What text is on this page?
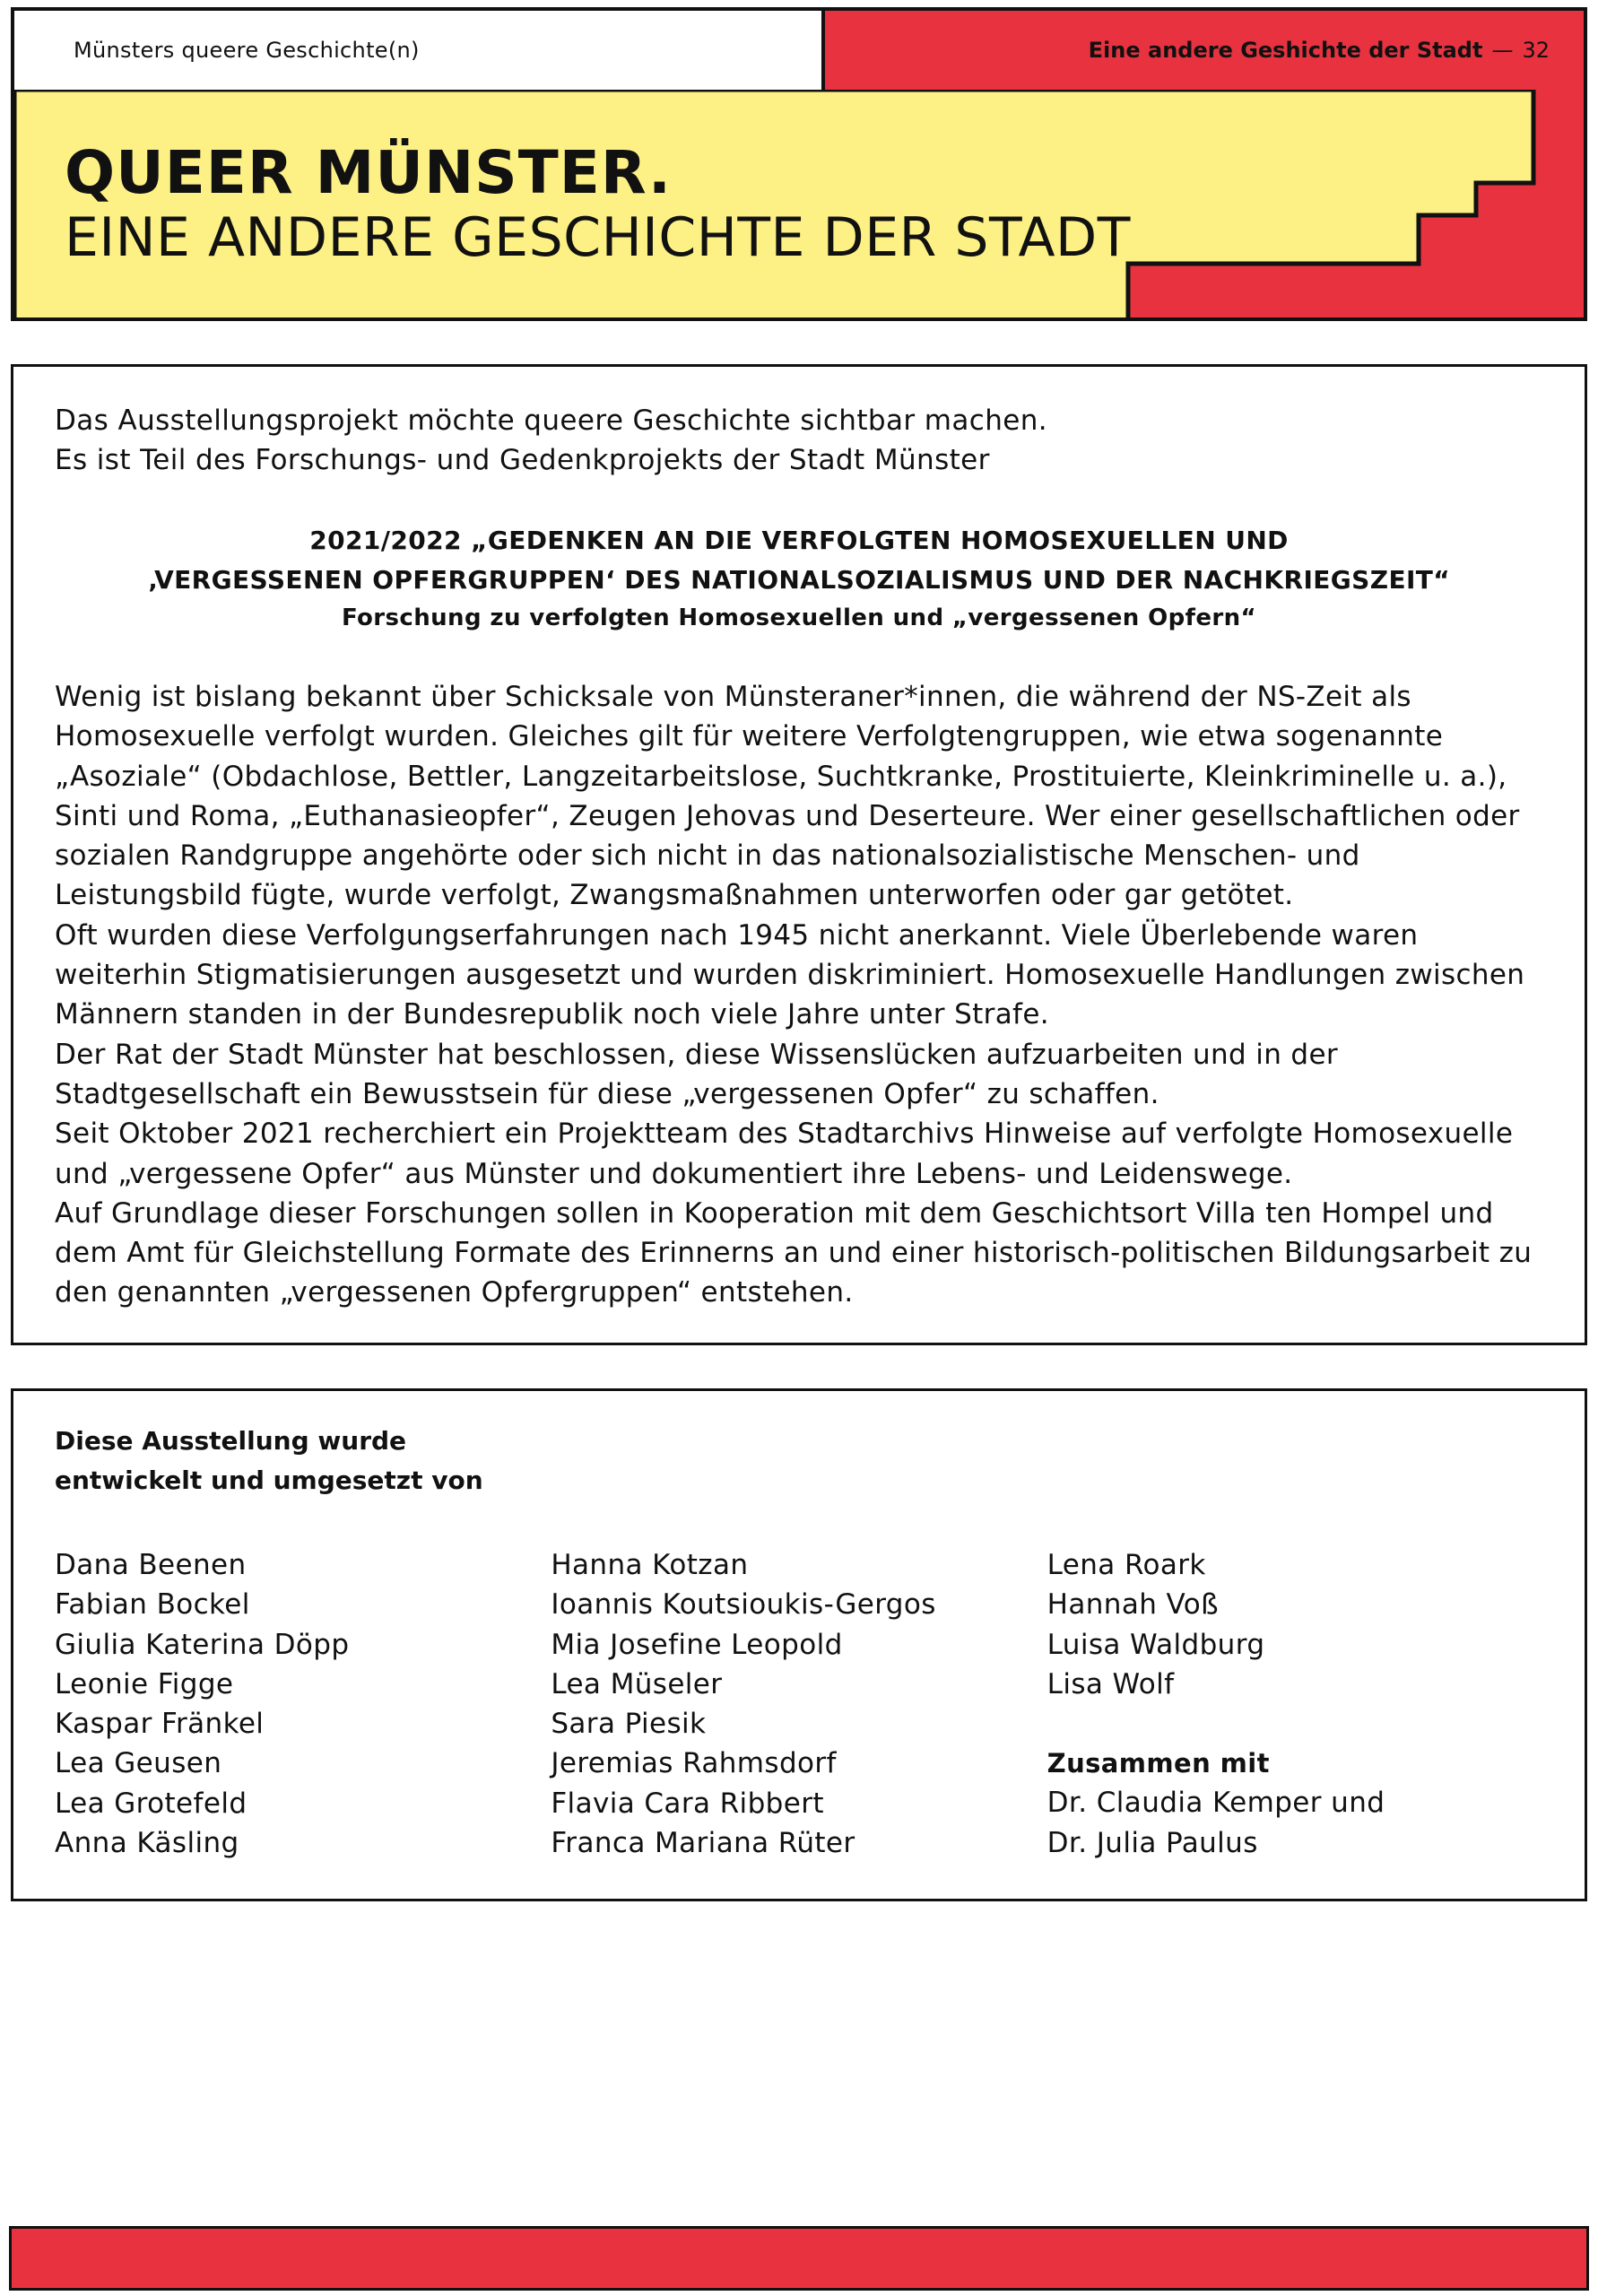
Münsters queere Geschichte(n)	Eine andere Geshichte der Stadt — 32
QUEER MÜNSTER.
EINE ANDERE GESCHICHTE DER STADT

Das Ausstellungsprojekt möchte queere Geschichte sichtbar machen.

Es ist Teil des Forschungs- und Gedenkprojekts der Stadt Münster

2021/2022 „GEDENKEN AN DIE VERFOLGTEN HOMOSEXUELLEN UND
‚VERGESSENEN OPFERGRUPPEN‘ DES NATIONALSOZIALISMUS UND DER NACHKRIEGSZEIT“
Forschung zu verfolgten Homosexuellen und „vergessenen Opfern“

Wenig ist bislang bekannt über Schicksale von Münsteraner*innen, die während der NS-Zeit als Homosexuelle verfolgt wurden. Gleiches gilt für weitere Verfolgtengruppen, wie etwa sogenannte „Asoziale“ (Obdachlose, Bettler, Langzeitarbeitslose, Suchtkranke, Prostituierte, Kleinkriminelle u. a.), Sinti und Roma, „Euthanasieopfer“, Zeugen Jehovas und Deserteure. Wer einer gesellschaftlichen oder sozialen Randgruppe angehörte oder sich nicht in das nationalsozialistische Menschen- und Leistungsbild fügte, wurde verfolgt, Zwangsmaßnahmen unterworfen oder gar getötet.

Oft wurden diese Verfolgungserfahrungen nach 1945 nicht anerkannt. Viele Überlebende waren weiterhin Stigmatisierungen ausgesetzt und wurden diskriminiert. Homosexuelle Handlungen zwischen Männern standen in der Bundesrepublik noch viele Jahre unter Strafe.

Der Rat der Stadt Münster hat beschlossen, diese Wissenslücken aufzuarbeiten und in der Stadtgesellschaft ein Bewusstsein für diese „vergessenen Opfer“ zu schaffen.

Seit Oktober 2021 recherchiert ein Projektteam des Stadtarchivs Hinweise auf verfolgte Homosexuelle und „vergessene Opfer“ aus Münster und dokumentiert ihre Lebens- und Leidenswege.

Auf Grundlage dieser Forschungen sollen in Kooperation mit dem Geschichtsort Villa ten Hompel und dem Amt für Gleichstellung Formate des Erinnerns an und einer historisch-politischen Bildungsarbeit zu den genannten „vergessenen Opfergruppen“ entstehen.

Diese Ausstellung wurde
entwickelt und umgesetzt von
Dana Beenen
Fabian Bockel
Giulia Katerina Döpp
Leonie Figge
Kaspar Fränkel
Lea Geusen
Lea Grotefeld
Anna Käsling
Hanna Kotzan
Ioannis Koutsioukis-Gergos
Mia Josefine Leopold
Lea Müseler
Sara Piesik
Jeremias Rahmsdorf
Flavia Cara Ribbert
Franca Mariana Rüter
Lena Roark
Hannah Voß
Luisa Waldburg
Lisa Wolf
Zusammen mit
Dr. Claudia Kemper und
Dr. Julia Paulus
